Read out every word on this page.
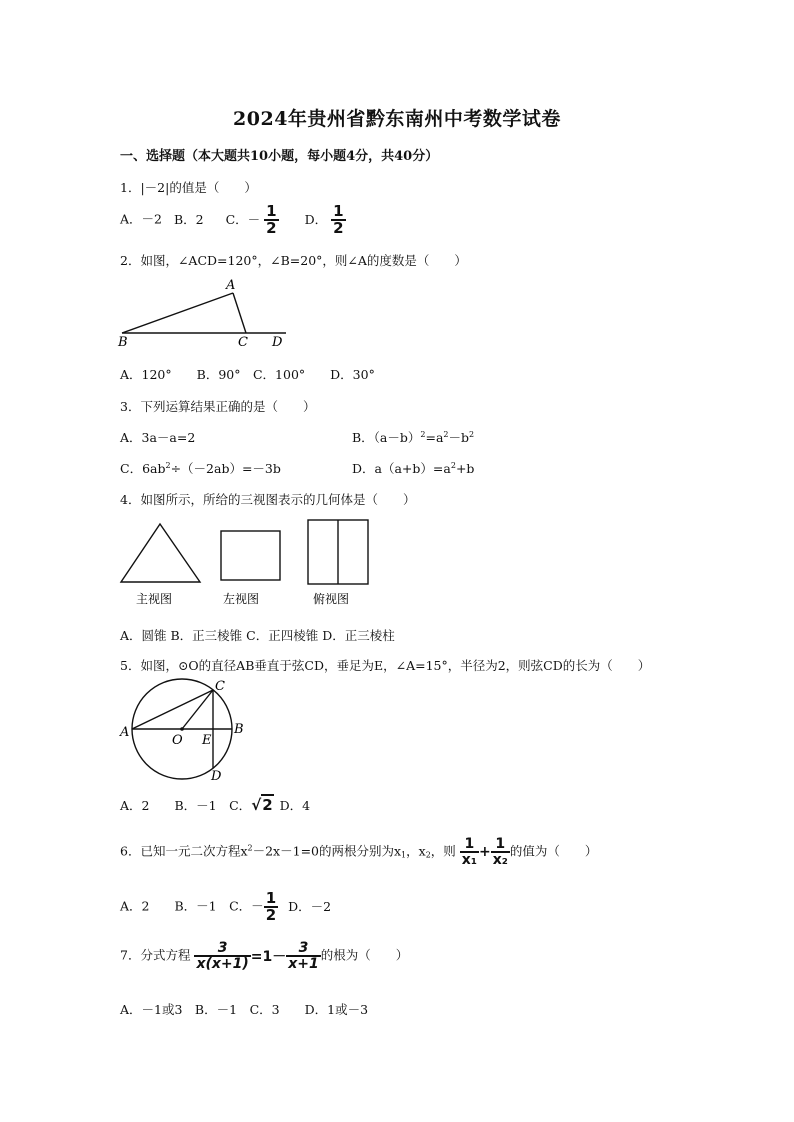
2024年贵州省黔东南州中考数学试卷
一、选择题（本大题共10小题，每小题4分，共40分）
1．|－2|的值是（　　）
A．－2 B．2 C．－ $\frac{1}{2}$ D． $\frac{1}{2}$
2．如图，∠ACD=120°，∠B=20°，则∠A的度数是（　　）
A
B	C D
A．120°　　B．90°　C．100°　　D．30°
3．下列运算结果正确的是（　　）
A．3a－a=2	B．$(a-b)^2=a^2-b^2$
C．$6ab^2\div(-2ab)=-3b$	D．$a(a+b)=a^2+b$
4．如图所示，所给的三视图表示的几何体是（　　）
主视图	左视图	俯视图
A．圆锥 B．正三棱锥 C．正四棱锥 D．正三棱柱
5．如图，⊙O的直径AB垂直于弦CD，垂足为E，∠A=15°，半径为2，则弦CD的长为（　　）
C
A	B
O E
D
A．2　　B．－1　C．√2 D．4
6．已知一元二次方程$x^2-2x-1=0$的两根分别为$x_1$，$x_2$，则 $\frac{1}{\text{x₁}} + \frac{1}{\text{x₂}}$ 的值为（　　）
A．2　　B．－1　C．－ $\frac{1}{2}$ D．－2
7．分式方程 $\frac{3}{x(x+1)} =1- \frac{3}{x+1}$ 的根为（　　）
A．－1或3　B．－1　C．3　　D．1或－3
